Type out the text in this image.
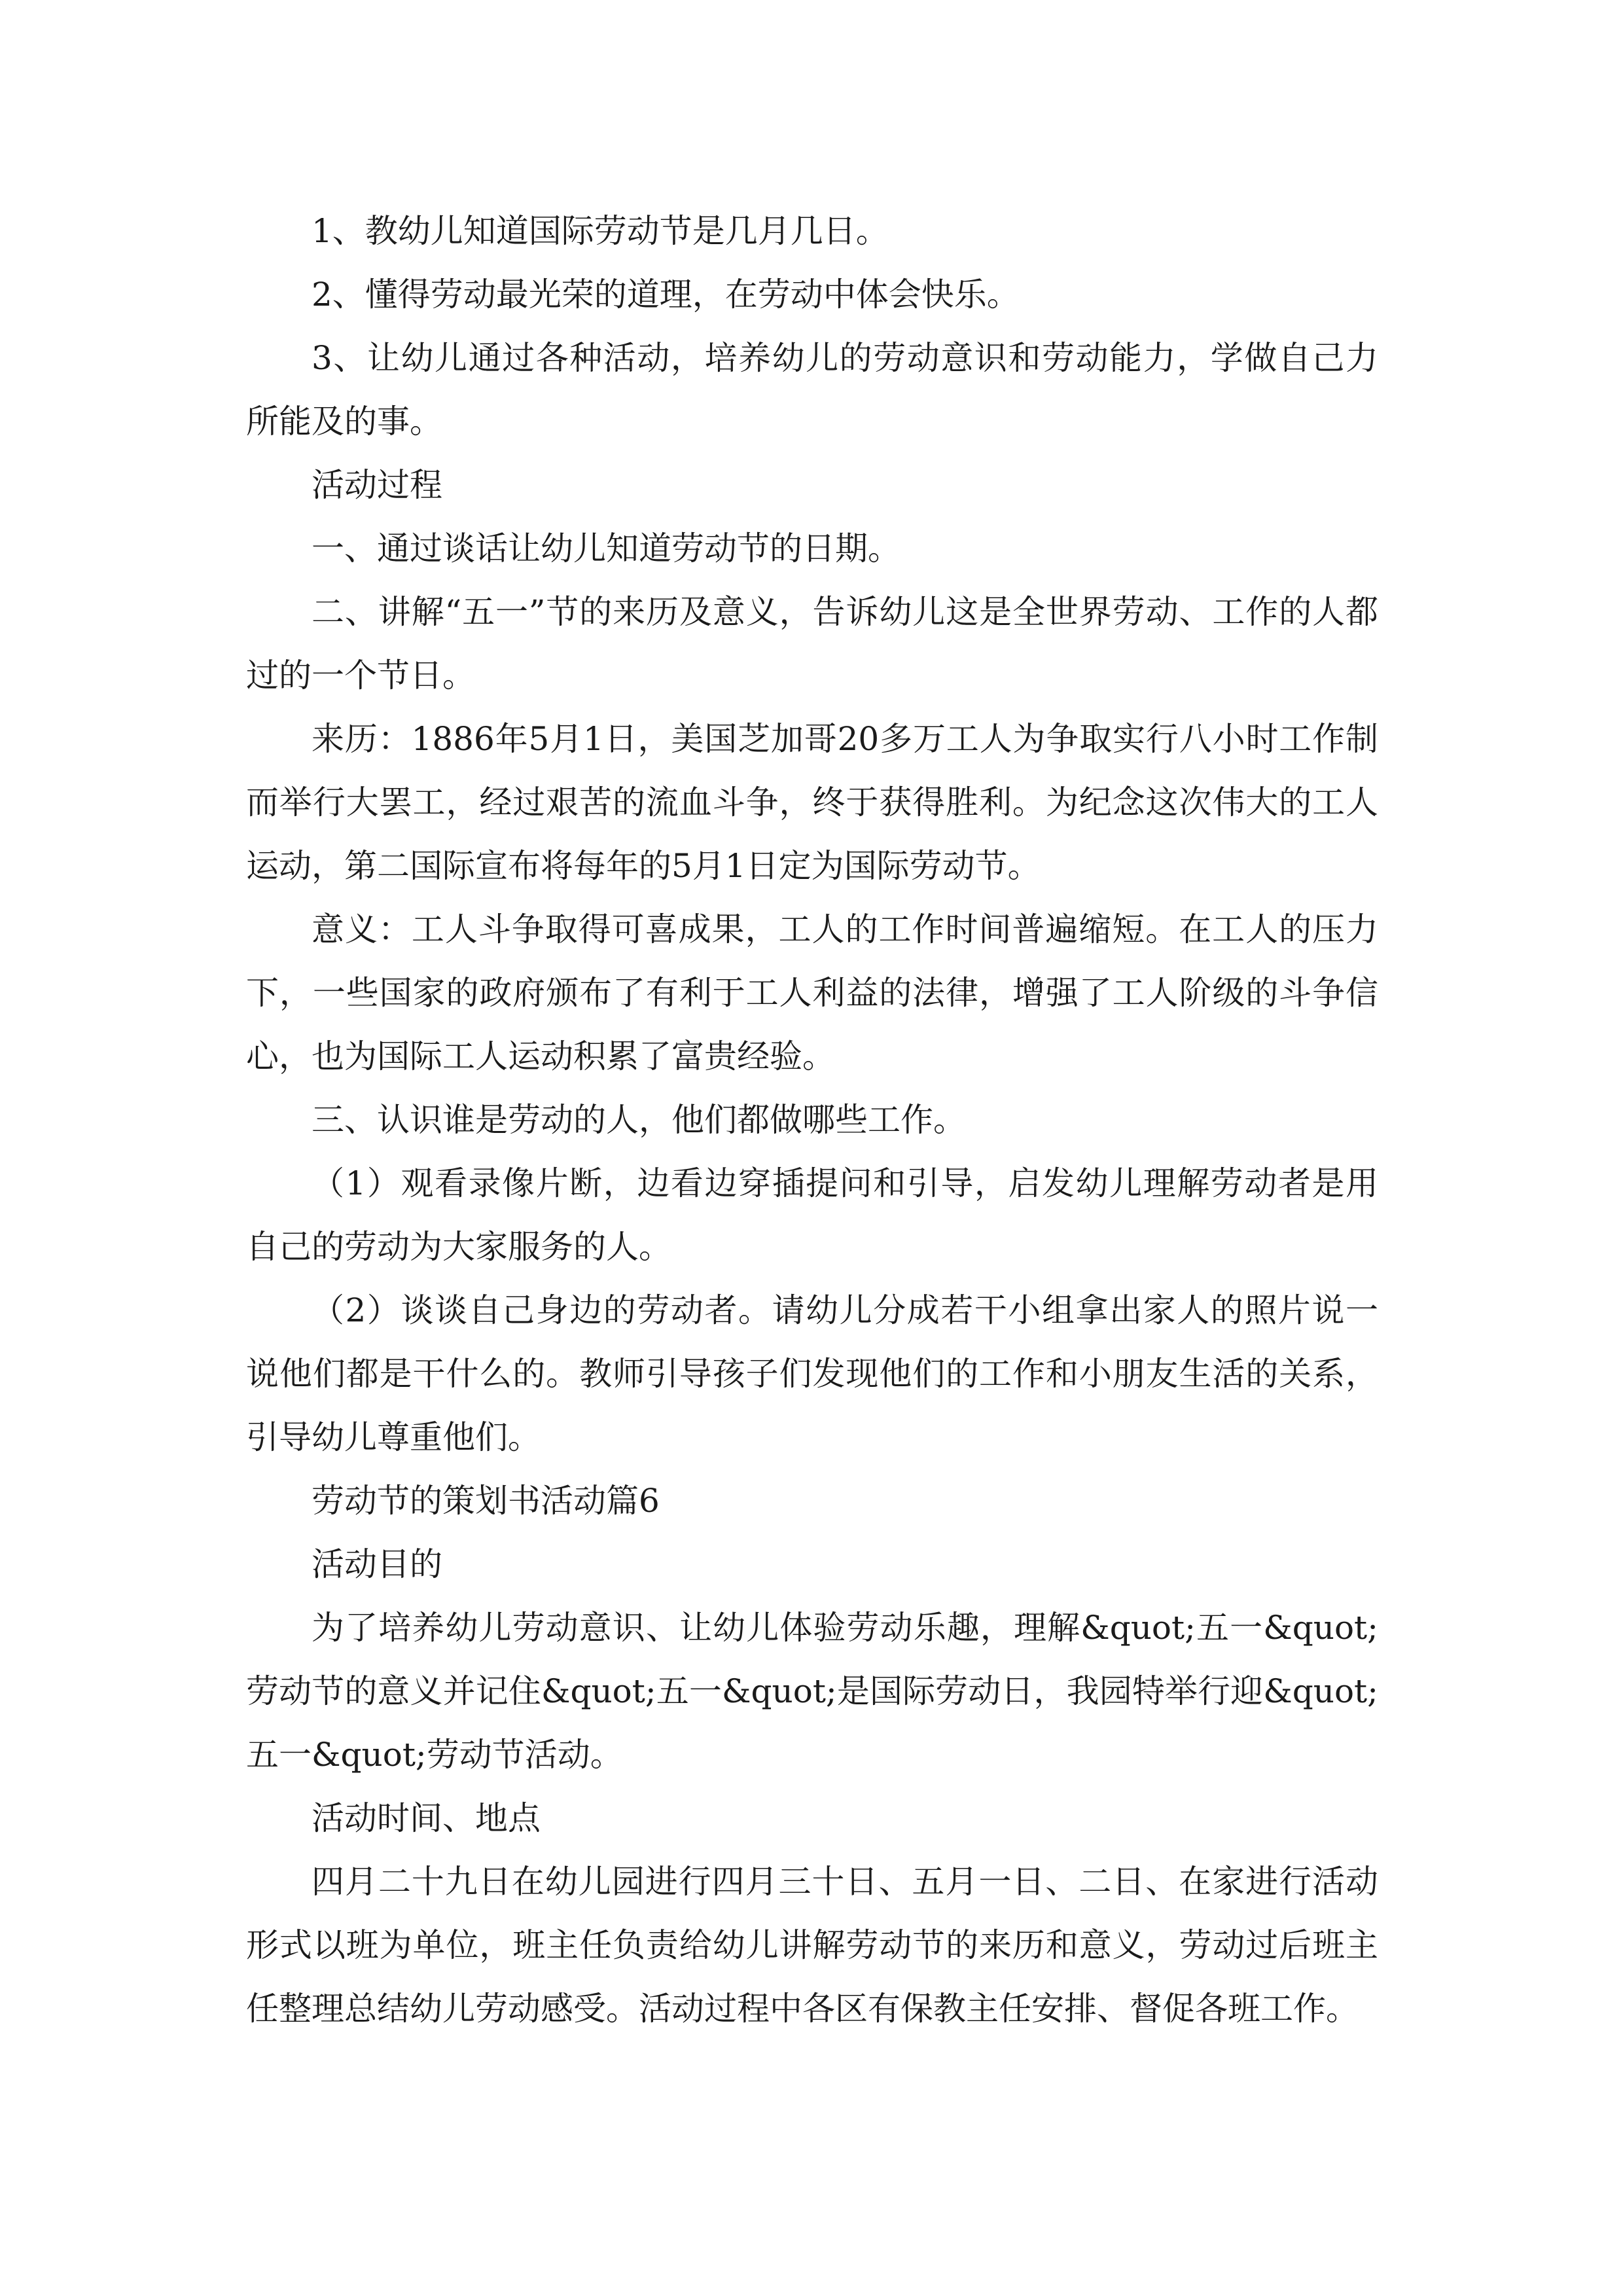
1、教幼儿知道国际劳动节是几月几日。

2、懂得劳动最光荣的道理，在劳动中体会快乐。

3、让幼儿通过各种活动，培养幼儿的劳动意识和劳动能力，学做自己力所能及的事。

活动过程

一、通过谈话让幼儿知道劳动节的日期。

二、讲解“五一”节的来历及意义，告诉幼儿这是全世界劳动、工作的人都过的一个节日。

来历：1886年5月1日，美国芝加哥20多万工人为争取实行八小时工作制而举行大罢工，经过艰苦的流血斗争，终于获得胜利。为纪念这次伟大的工人运动，第二国际宣布将每年的5月1日定为国际劳动节。

意义：工人斗争取得可喜成果，工人的工作时间普遍缩短。在工人的压力下，一些国家的政府颁布了有利于工人利益的法律，增强了工人阶级的斗争信心，也为国际工人运动积累了富贵经验。

三、认识谁是劳动的人，他们都做哪些工作。

（1）观看录像片断，边看边穿插提问和引导，启发幼儿理解劳动者是用自己的劳动为大家服务的人。

（2）谈谈自己身边的劳动者。请幼儿分成若干小组拿出家人的照片说一说他们都是干什么的。教师引导孩子们发现他们的工作和小朋友生活的关系，引导幼儿尊重他们。

劳动节的策划书活动篇6

活动目的

为了培养幼儿劳动意识、让幼儿体验劳动乐趣，理解&quot;五一&quot;劳动节的意义并记住&quot;五一&quot;是国际劳动日，我园特举行迎&quot;五一&quot;劳动节活动。

活动时间、地点

四月二十九日在幼儿园进行四月三十日、五月一日、二日、在家进行活动形式以班为单位，班主任负责给幼儿讲解劳动节的来历和意义，劳动过后班主任整理总结幼儿劳动感受。活动过程中各区有保教主任安排、督促各班工作。
